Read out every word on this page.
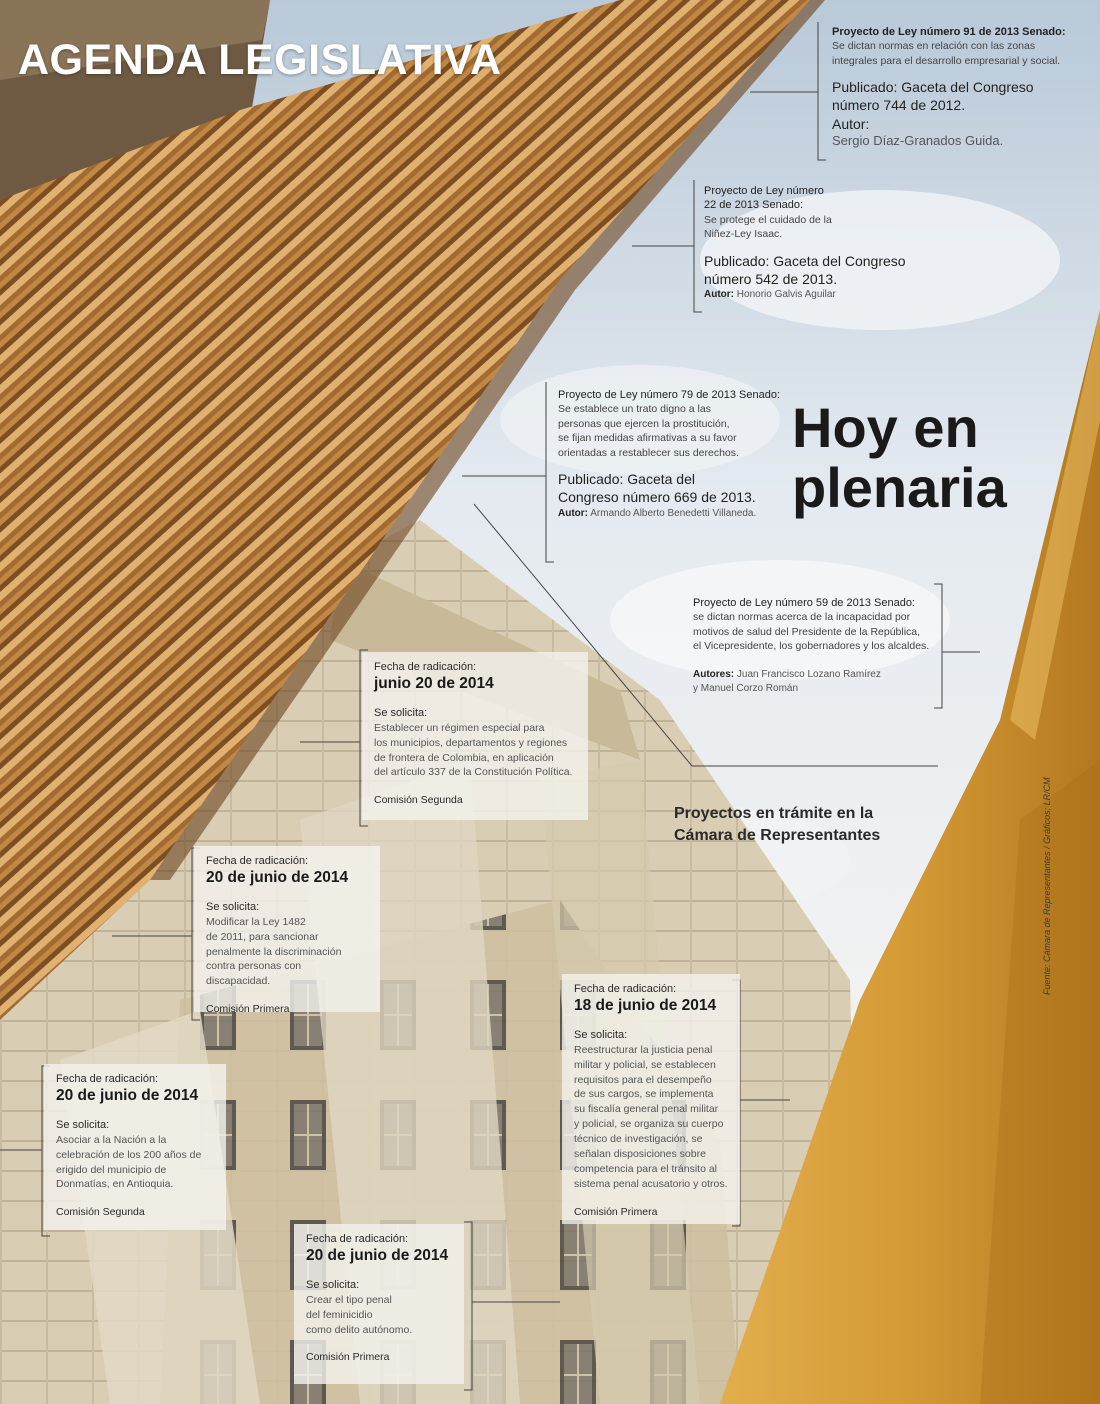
AGENDA LEGISLATIVA
Hoy en
plenaria
Proyectos en trámite en la
Cámara de Representantes	Fuente: Cámara de Representantes / Gráficos: LR/CM
Proyecto de Ley número 91 de 2013 Senado:
Se dictan normas en relación con las zonas
integrales para el desarrollo empresarial y social.
Publicado: Gaceta del Congreso
número 744 de 2012.
Autor:
Sergio Díaz-Granados Guida.
Proyecto de Ley número
22 de 2013 Senado:
Se protege el cuidado de la
Niñez-Ley Isaac.
Publicado: Gaceta del Congreso
número 542 de 2013.
Autor: Honorio Galvis Aguilar
Proyecto de Ley número 79 de 2013 Senado:
Se establece un trato digno a las
personas que ejercen la prostitución,
se fijan medidas afirmativas a su favor
orientadas a restablecer sus derechos.
Publicado: Gaceta del
Congreso número 669 de 2013.
Autor: Armando Alberto Benedetti Villaneda.
Proyecto de Ley número 59 de 2013 Senado:
se dictan normas acerca de la incapacidad por
motivos de salud del Presidente de la República,
el Vicepresidente, los gobernadores y los alcaldes.
Autores: Juan Francisco Lozano Ramírez
y Manuel Corzo Román
Fecha de radicación:
junio 20 de 2014
Se solicita:
Establecer un régimen especial para
los municipios, departamentos y regiones
de frontera de Colombia, en aplicación
del artículo 337 de la Constitución Política.
Comisión Segunda
Fecha de radicación:
20 de junio de 2014
Se solicita:
Modificar la Ley 1482
de 2011, para sancionar
penalmente la discriminación
contra personas con discapacidad.
Comisión Primera
Fecha de radicación:
18 de junio de 2014
Se solicita:
Reestructurar la justicia penal
militar y policial, se establecen
requisitos para el desempeño
de sus cargos, se implementa
su fiscalía general penal militar
y policial, se organiza su cuerpo
técnico de investigación, se
señalan disposiciones sobre
competencia para el tránsito al
sistema penal acusatorio y otros.
Comisión Primera
Fecha de radicación:
20 de junio de 2014
Se solicita:
Asociar a la Nación a la
celebración de los 200 años de
erigido del municipio de
Donmatías, en Antioquia.
Comisión Segunda
Fecha de radicación:
20 de junio de 2014
Se solicita:
Crear el tipo penal
del feminicidio
como delito autónomo.
Comisión Primera
